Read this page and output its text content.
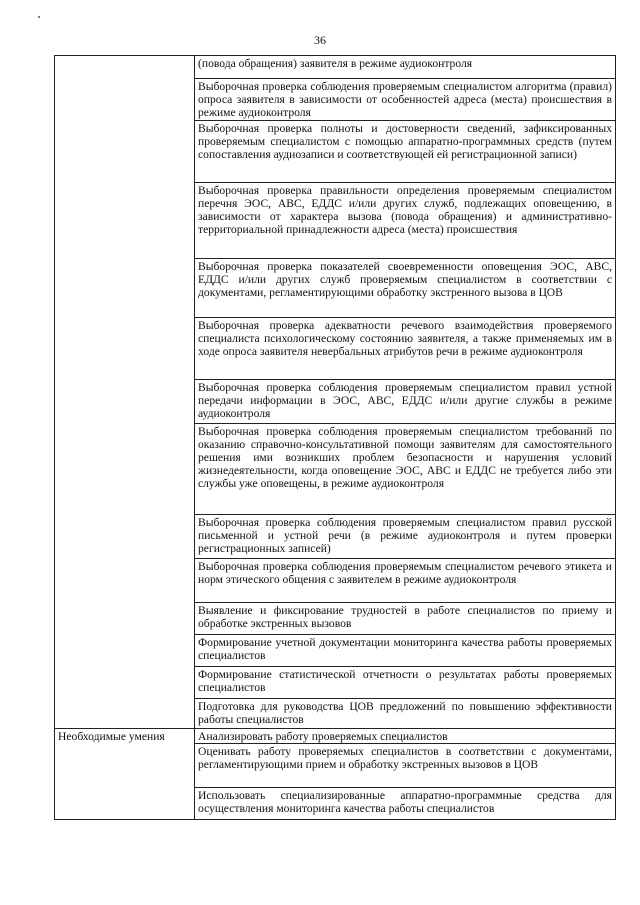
36

	(повода обращения) заявителя в режиме аудиоконтроля

	Выборочная проверка соблюдения проверяемым специалистом алгоритма (правил) опроса заявителя в зависимости от особенностей адреса (места) происшествия в режиме аудиоконтроля

	Выборочная проверка полноты и достоверности сведений, зафиксированных проверяемым специалистом с помощью аппаратно-программных средств (путем сопоставления аудиозаписи и соответствующей ей регистрационной записи)

	Выборочная проверка правильности определения проверяемым специалистом перечня ЭОС, АВС, ЕДДС и/или других служб, подлежащих оповещению, в зависимости от характера вызова (повода обращения) и административно-территориальной принадлежности адреса (места) происшествия

	Выборочная проверка показателей своевременности оповещения ЭОС, АВС, ЕДДС и/или других служб проверяемым специалистом в соответствии с документами, регламентирующими обработку экстренного вызова в ЦОВ

	Выборочная проверка адекватности речевого взаимодействия проверяемого специалиста психологическому состоянию заявителя, а также применяемых им в ходе опроса заявителя невербальных атрибутов речи в режиме аудиоконтроля

	Выборочная проверка соблюдения проверяемым специалистом правил устной передачи информации в ЭОС, АВС, ЕДДС и/или другие службы в режиме аудиоконтроля

	Выборочная проверка соблюдения проверяемым специалистом требований по оказанию справочно-консультативной помощи заявителям для самостоятельного решения ими возникших проблем безопасности и нарушения условий жизнедеятельности, когда оповещение ЭОС, АВС и ЕДДС не требуется либо эти службы уже оповещены, в режиме аудиоконтроля

	Выборочная проверка соблюдения проверяемым специалистом правил русской письменной и устной речи (в режиме аудиоконтроля и путем проверки регистрационных записей)

	Выборочная проверка соблюдения проверяемым специалистом речевого этикета и норм этического общения с заявителем в режиме аудиоконтроля

	Выявление и фиксирование трудностей в работе специалистов по приему и обработке экстренных вызовов

	Формирование учетной документации мониторинга качества работы проверяемых специалистов

	Формирование статистической отчетности о результатах работы проверяемых специалистов

	Подготовка для руководства ЦОВ предложений по повышению эффективности работы специалистов

Необходимые умения	Анализировать работу проверяемых специалистов

	Оценивать работу проверяемых специалистов в соответствии с документами, регламентирующими прием и обработку экстренных вызовов в ЦОВ

	Использовать специализированные аппаратно-программные средства для осуществления мониторинга качества работы специалистов
